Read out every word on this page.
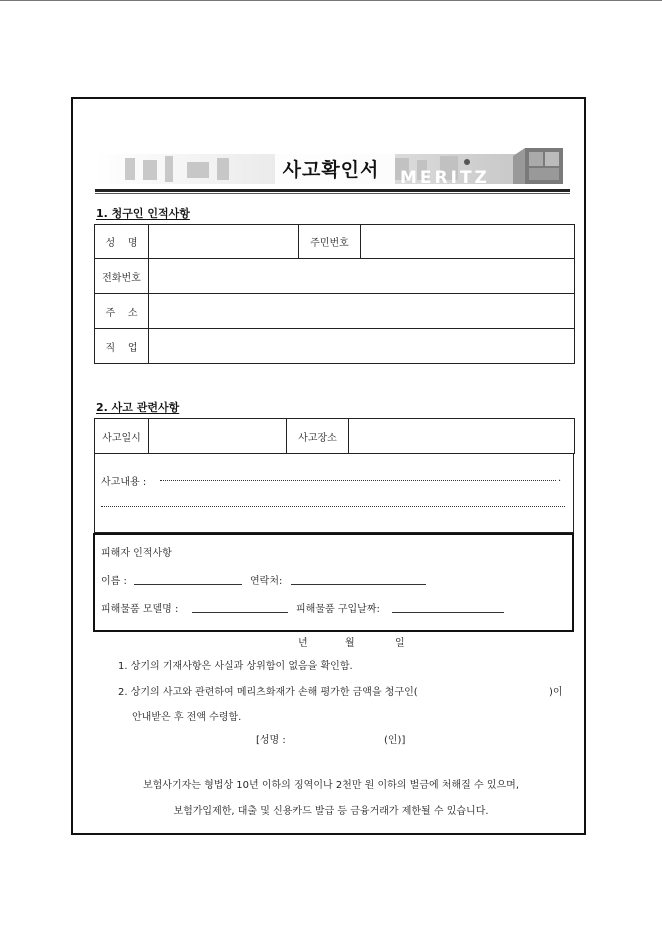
MERITZ
사고확인서
1. 청구인 인적사항
성    명		주민번호	
전화번호			
주    소			
직    업			
2. 사고 관련사항
사고일시		사고장소	
사고내용 :	.
피해자 인적사항
이름 :	연락처:
피해물품 모델명 :	피해물품 구입날짜:
년	월	일
1. 상기의 기재사항은 사실과 상위함이 없음을 확인함.
2. 상기의 사고와 관련하여 메리츠화재가 손해 평가한 금액을 청구인(	)이
안내받은 후 전액 수령함.
[성명 :	(인)]
보험사기자는 형법상 10년 이하의 징역이나 2천만 원 이하의 벌금에 처해질 수 있으며,
보험가입제한, 대출 및 신용카드 발급 등 금융거래가 제한될 수 있습니다.
